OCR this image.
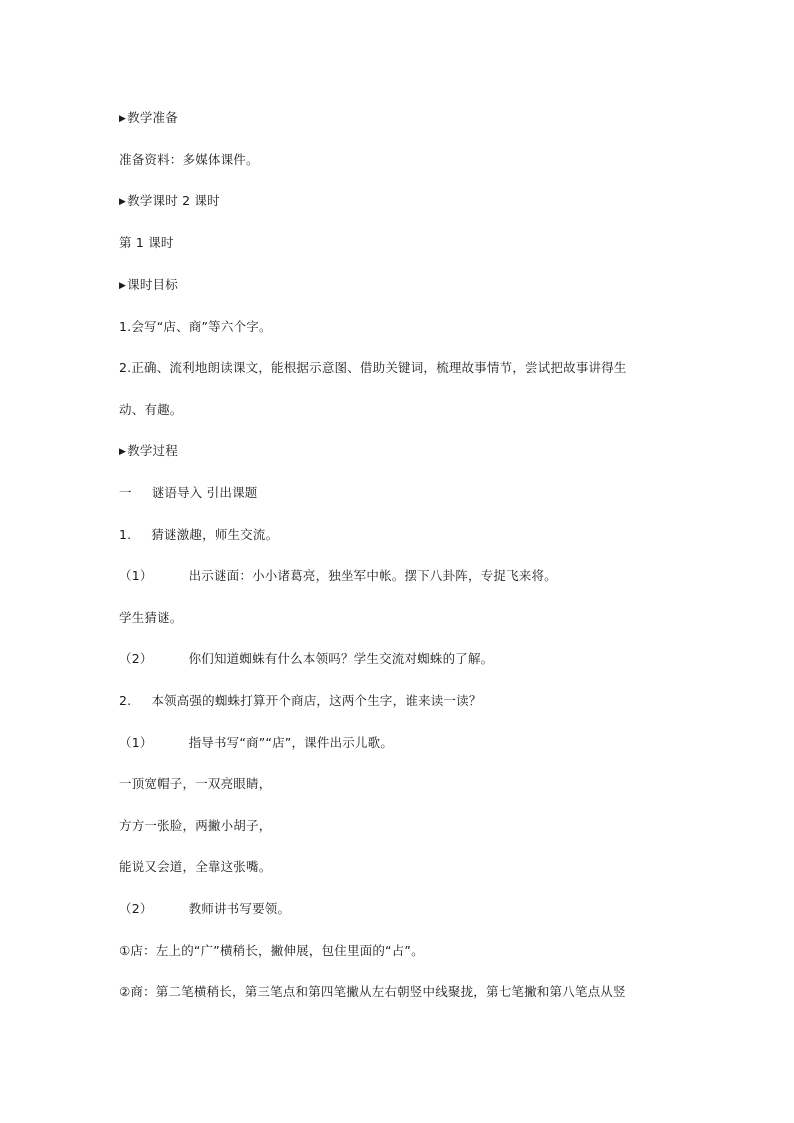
▶教学准备
准备资料：多媒体课件。
▶教学课时 2 课时
第 1 课时
▶课时目标
1.会写“店、商”等六个字。
2.正确、流利地朗读课文，能根据示意图、借助关键词，梳理故事情节，尝试把故事讲得生
动、有趣。
▶教学过程
一 谜语导入 引出课题
1. 猜谜激趣，师生交流。
（1）	出示谜面：小小诸葛亮，独坐军中帐。摆下八卦阵，专捉飞来将。
学生猜谜。
（2）	你们知道蜘蛛有什么本领吗？学生交流对蜘蛛的了解。
2. 本领高强的蜘蛛打算开个商店，这两个生字，谁来读一读？
（1）	指导书写“商”“店”，课件出示儿歌。
一顶宽帽子，一双亮眼睛，
方方一张脸，两撇小胡子，
能说又会道，全靠这张嘴。
（2）	教师讲书写要领。
①店：左上的“广”横稍长，撇伸展，包住里面的“占”。
②商：第二笔横稍长，第三笔点和第四笔撇从左右朝竖中线聚拢，第七笔撇和第八笔点从竖
